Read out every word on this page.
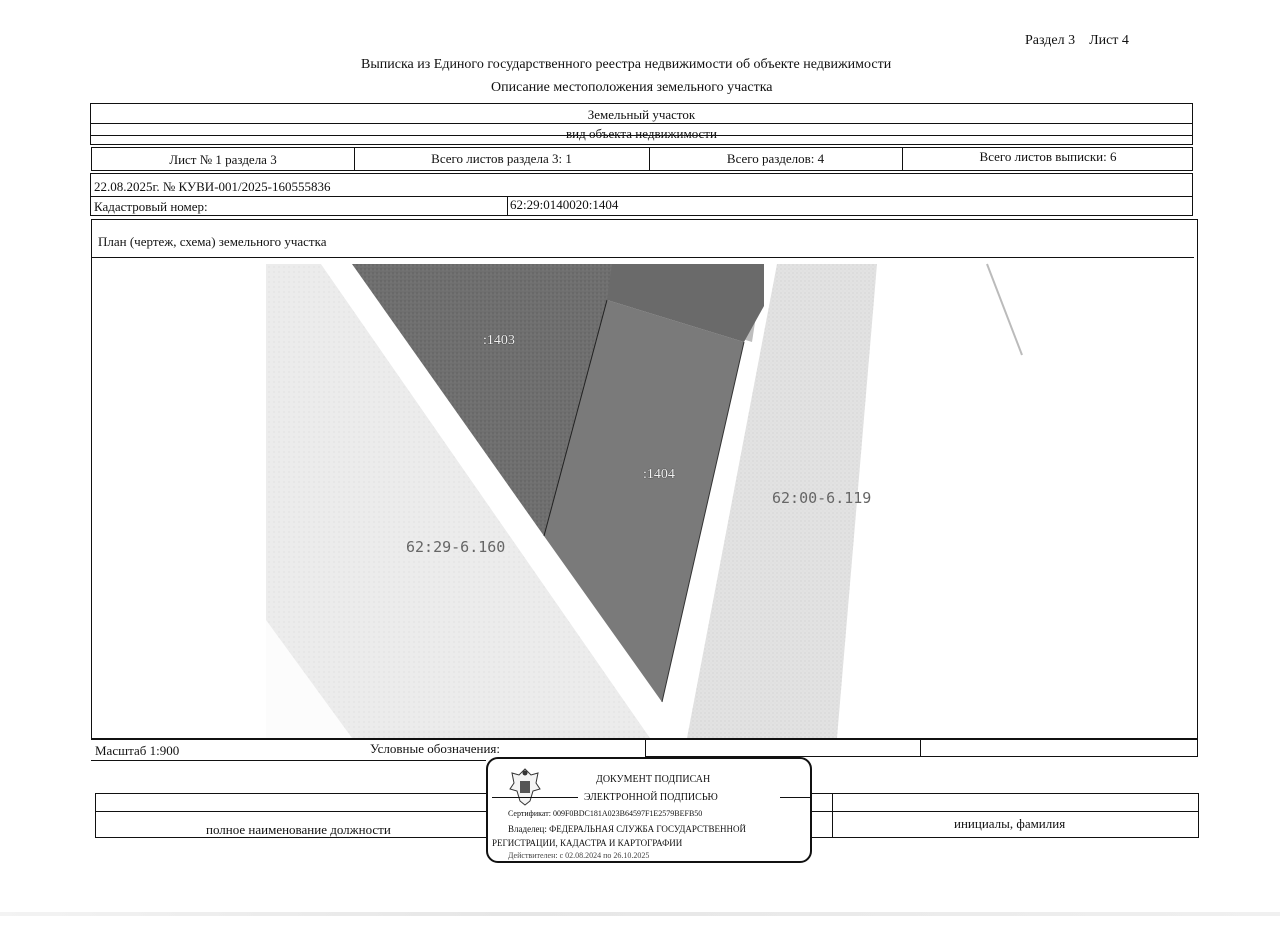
Раздел 3    Лист 4
Выписка из Единого государственного реестра недвижимости об объекте недвижимости
Описание местоположения земельного участка
Земельный участок
вид объекта недвижимости
Лист № 1 раздела 3	Всего листов раздела 3: 1	Всего разделов: 4	Всего листов выписки: 6
22.08.2025г. № КУВИ-001/2025-160555836
Кадастровый номер:	62:29:0140020:1404
План (чертеж, схема) земельного участка
:1403
:1404
62:29-6.160
62:00-6.119
Масштаб 1:900	Условные обозначения:
полное наименование должности	инициалы, фамилия
ДОКУМЕНТ ПОДПИСАН
ЭЛЕКТРОННОЙ ПОДПИСЬЮ
Сертификат: 009F0BDC181A023B64597F1E2579BEFB50
Владелец: ФЕДЕРАЛЬНАЯ СЛУЖБА ГОСУДАРСТВЕННОЙ
РЕГИСТРАЦИИ, КАДАСТРА И КАРТОГРАФИИ
Действителен: с 02.08.2024 по 26.10.2025
